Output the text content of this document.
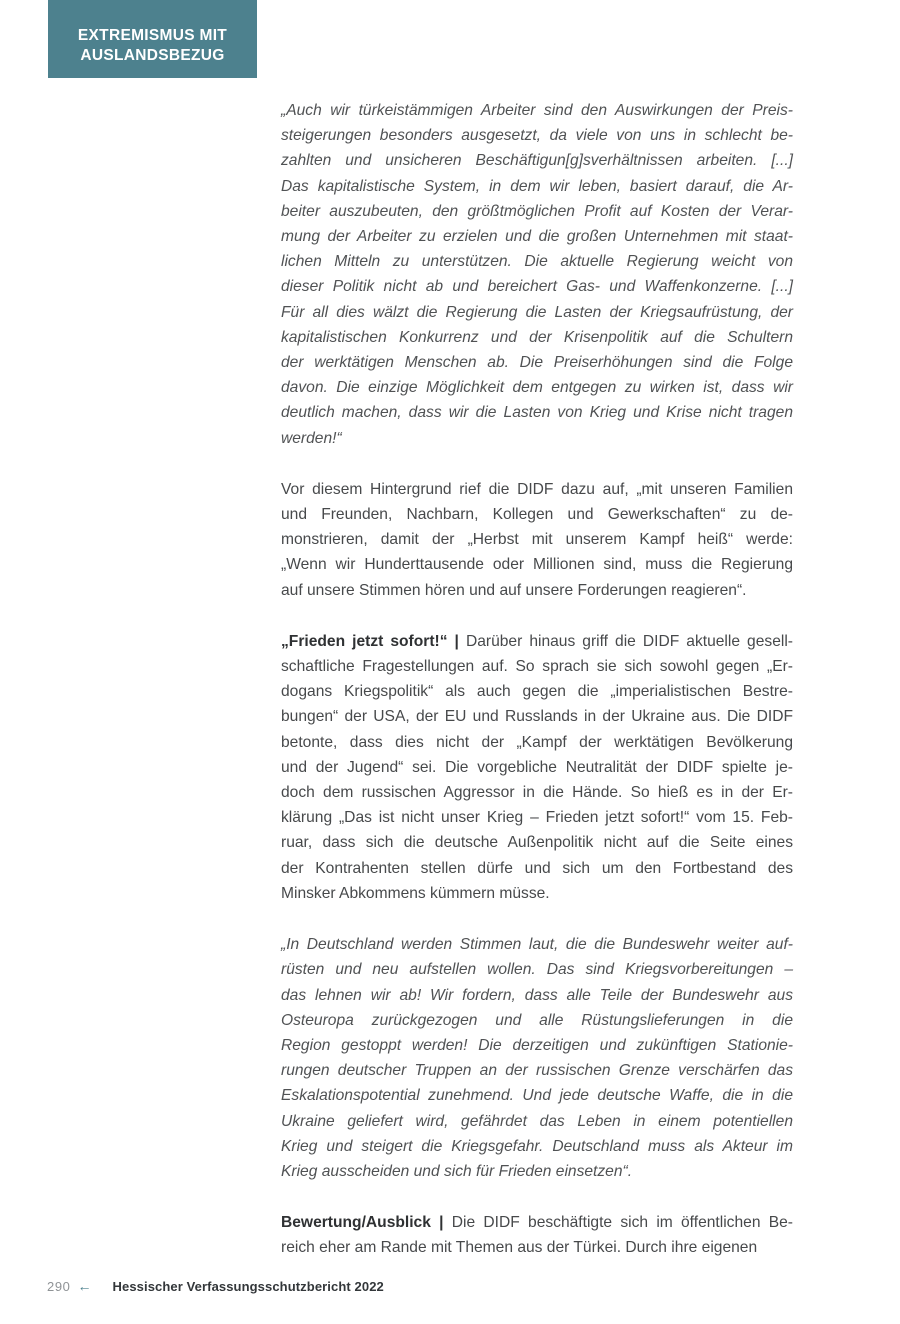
EXTREMISMUS MIT
AUSLANDSBEZUG
„Auch wir türkeistämmigen Arbeiter sind den Auswirkungen der Preis-
steigerungen besonders ausgesetzt, da viele von uns in schlecht be-
zahlten und unsicheren Beschäftigun[g]sverhältnissen arbeiten. [...]
Das kapitalistische System, in dem wir leben, basiert darauf, die Ar-
beiter auszubeuten, den größtmöglichen Profit auf Kosten der Verar-
mung der Arbeiter zu erzielen und die großen Unternehmen mit staat-
lichen Mitteln zu unterstützen. Die aktuelle Regierung weicht von
dieser Politik nicht ab und bereichert Gas- und Waffenkonzerne. [...]
Für all dies wälzt die Regierung die Lasten der Kriegsaufrüstung, der
kapitalistischen Konkurrenz und der Krisenpolitik auf die Schultern
der werktätigen Menschen ab. Die Preiserhöhungen sind die Folge
davon. Die einzige Möglichkeit dem entgegen zu wirken ist, dass wir
deutlich machen, dass wir die Lasten von Krieg und Krise nicht tragen
werden!“
Vor diesem Hintergrund rief die DIDF dazu auf, „mit unseren Familien
und Freunden, Nachbarn, Kollegen und Gewerkschaften“ zu de-
monstrieren, damit der „Herbst mit unserem Kampf heiß“ werde:
„Wenn wir Hunderttausende oder Millionen sind, muss die Regierung
auf unsere Stimmen hören und auf unsere Forderungen reagieren“.
„Frieden jetzt sofort!“ | Darüber hinaus griff die DIDF aktuelle gesell-
schaftliche Fragestellungen auf. So sprach sie sich sowohl gegen „Er-
dogans Kriegspolitik“ als auch gegen die „imperialistischen Bestre-
bungen“ der USA, der EU und Russlands in der Ukraine aus. Die DIDF
betonte, dass dies nicht der „Kampf der werktätigen Bevölkerung
und der Jugend“ sei. Die vorgebliche Neutralität der DIDF spielte je-
doch dem russischen Aggressor in die Hände. So hieß es in der Er-
klärung „Das ist nicht unser Krieg – Frieden jetzt sofort!“ vom 15. Feb-
ruar, dass sich die deutsche Außenpolitik nicht auf die Seite eines
der Kontrahenten stellen dürfe und sich um den Fortbestand des
Minsker Abkommens kümmern müsse.
„In Deutschland werden Stimmen laut, die die Bundeswehr weiter auf-
rüsten und neu aufstellen wollen. Das sind Kriegsvorbereitungen –
das lehnen wir ab! Wir fordern, dass alle Teile der Bundeswehr aus
Osteuropa zurückgezogen und alle Rüstungslieferungen in die
Region gestoppt werden! Die derzeitigen und zukünftigen Stationie-
rungen deutscher Truppen an der russischen Grenze verschärfen das
Eskalationspotential zunehmend. Und jede deutsche Waffe, die in die
Ukraine geliefert wird, gefährdet das Leben in einem potentiellen
Krieg und steigert die Kriegsgefahr. Deutschland muss als Akteur im
Krieg ausscheiden und sich für Frieden einsetzen“.
Bewertung/Ausblick | Die DIDF beschäftigte sich im öffentlichen Be-
reich eher am Rande mit Themen aus der Türkei. Durch ihre eigenen
290 ← Hessischer Verfassungsschutzbericht 2022
